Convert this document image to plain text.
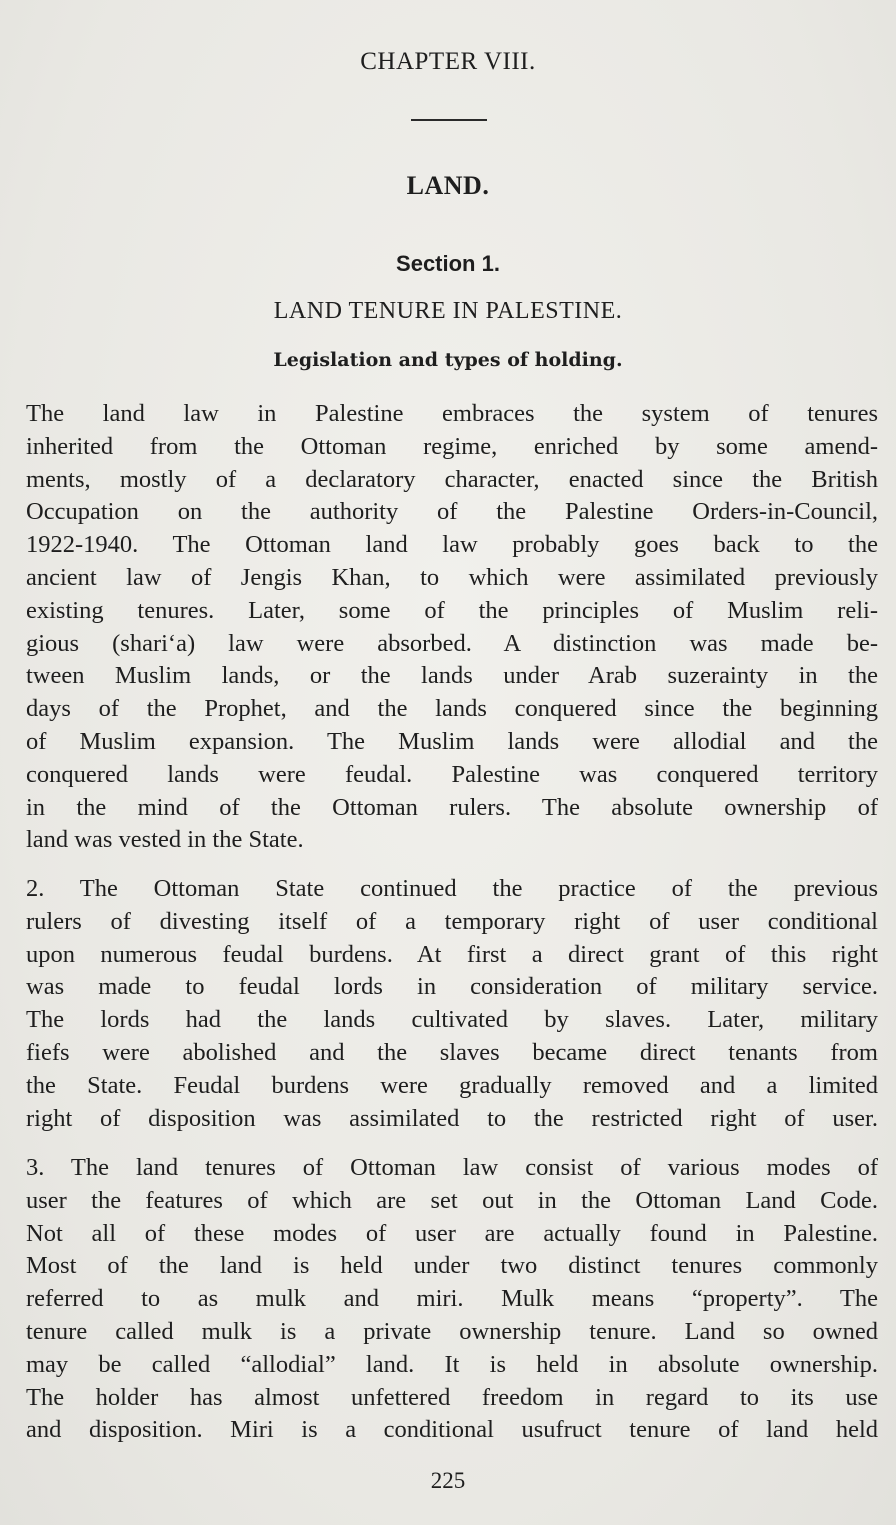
CHAPTER VIII.
LAND.
Section 1.
LAND TENURE IN PALESTINE.
Legislation and types of holding.

The land law in Palestine embraces the system of tenures
inherited from the Ottoman regime, enriched by some amend-
ments, mostly of a declaratory character, enacted since the British
Occupation on the authority of the Palestine Orders-in-Council,
1922-1940. The Ottoman land law probably goes back to the
ancient law of Jengis Khan, to which were assimilated previously
existing tenures. Later, some of the principles of Muslim reli-
gious (shari‘a) law were absorbed. A distinction was made be-
tween Muslim lands, or the lands under Arab suzerainty in the
days of the Prophet, and the lands conquered since the beginning
of Muslim expansion. The Muslim lands were allodial and the
conquered lands were feudal. Palestine was conquered territory
in the mind of the Ottoman rulers. The absolute ownership of
land was vested in the State.

2. The Ottoman State continued the practice of the previous
rulers of divesting itself of a temporary right of user conditional
upon numerous feudal burdens. At first a direct grant of this right
was made to feudal lords in consideration of military service.
The lords had the lands cultivated by slaves. Later, military
fiefs were abolished and the slaves became direct tenants from
the State. Feudal burdens were gradually removed and a limited
right of disposition was assimilated to the restricted right of user.

3. The land tenures of Ottoman law consist of various modes of
user the features of which are set out in the Ottoman Land Code.
Not all of these modes of user are actually found in Palestine.
Most of the land is held under two distinct tenures commonly
referred to as mulk and miri. Mulk means “property”. The
tenure called mulk is a private ownership tenure. Land so owned
may be called “allodial” land. It is held in absolute ownership.
The holder has almost unfettered freedom in regard to its use
and disposition. Miri is a conditional usufruct tenure of land held

225
